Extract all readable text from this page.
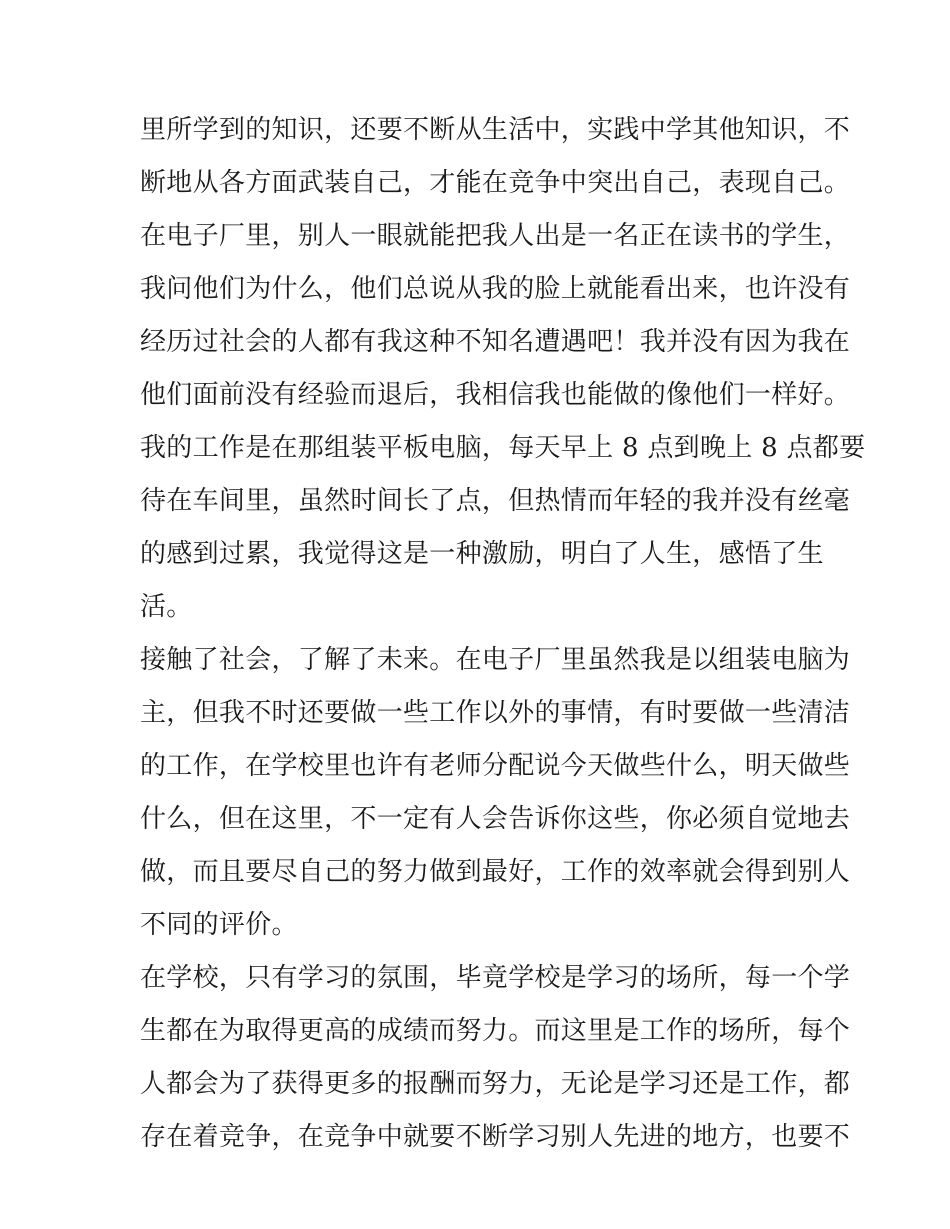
里所学到的知识，还要不断从生活中，实践中学其他知识，不
断地从各方面武装自己，才能在竞争中突出自己，表现自己。
在电子厂里，别人一眼就能把我人出是一名正在读书的学生，
我问他们为什么，他们总说从我的脸上就能看出来，也许没有
经历过社会的人都有我这种不知名遭遇吧！我并没有因为我在
他们面前没有经验而退后，我相信我也能做的像他们一样好。
我的工作是在那组装平板电脑，每天早上 8 点到晚上 8 点都要
待在车间里，虽然时间长了点，但热情而年轻的我并没有丝毫
的感到过累，我觉得这是一种激励，明白了人生，感悟了生
活。
接触了社会，了解了未来。在电子厂里虽然我是以组装电脑为
主，但我不时还要做一些工作以外的事情，有时要做一些清洁
的工作，在学校里也许有老师分配说今天做些什么，明天做些
什么，但在这里，不一定有人会告诉你这些，你必须自觉地去
做，而且要尽自己的努力做到最好，工作的效率就会得到别人
不同的评价。
在学校，只有学习的氛围，毕竟学校是学习的场所，每一个学
生都在为取得更高的成绩而努力。而这里是工作的场所，每个
人都会为了获得更多的报酬而努力，无论是学习还是工作，都
存在着竞争，在竞争中就要不断学习别人先进的地方，也要不
